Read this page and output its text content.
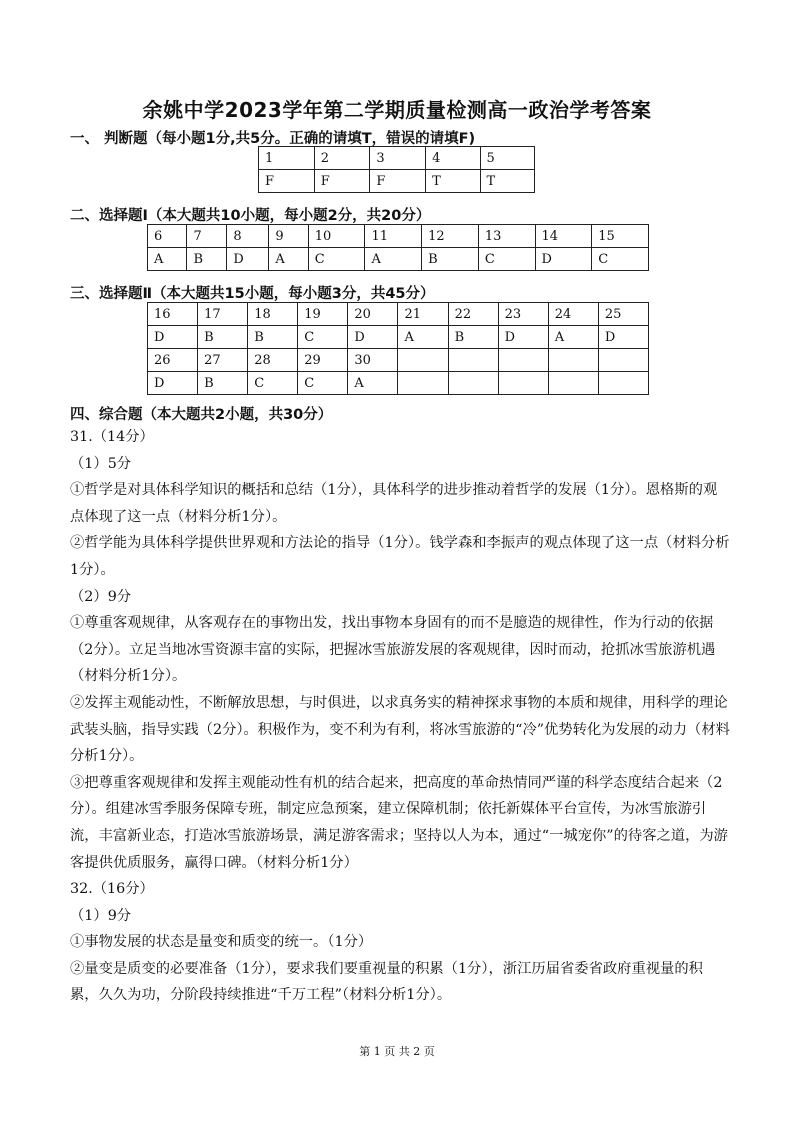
余姚中学2023学年第二学期质量检测高一政治学考答案
一、 判断题（每小题1分,共5分。正确的请填T，错误的请填F)
1	2	3	4	5
F	F	F	T	T
二、选择题Ⅰ（本大题共10小题，每小题2分，共20分）
6	7	8	9	10	11	12	13	14	15
A	B	D	A	C	A	B	C	D	C
三、选择题Ⅱ（本大题共15小题，每小题3分，共45分）
16	17	18	19	20	21	22	23	24	25
D	B	B	C	D	A	B	D	A	D
26	27	28	29	30					
D	B	C	C	A					
四、综合题（本大题共2小题，共30分）

31.（14分）

（1）5分

①哲学是对具体科学知识的概括和总结（1分），具体科学的进步推动着哲学的发展（1分）。恩格斯的观点体现了这一点（材料分析1分）。

②哲学能为具体科学提供世界观和方法论的指导（1分）。钱学森和李振声的观点体现了这一点（材料分析1分）。

（2）9分

①尊重客观规律，从客观存在的事物出发，找出事物本身固有的而不是臆造的规律性，作为行动的依据（2分）。立足当地冰雪资源丰富的实际，把握冰雪旅游发展的客观规律，因时而动，抢抓冰雪旅游机遇（材料分析1分）。

②发挥主观能动性，不断解放思想，与时俱进，以求真务实的精神探求事物的本质和规律，用科学的理论武装头脑，指导实践（2分）。积极作为，变不利为有利，将冰雪旅游的“冷”优势转化为发展的动力（材料分析1分）。

③把尊重客观规律和发挥主观能动性有机的结合起来，把高度的革命热情同严谨的科学态度结合起来（2分）。组建冰雪季服务保障专班，制定应急预案，建立保障机制；依托新媒体平台宣传，为冰雪旅游引流，丰富新业态，打造冰雪旅游场景，满足游客需求；坚持以人为本，通过“一城宠你”的待客之道，为游客提供优质服务，赢得口碑。（材料分析1分）

32.（16分）

（1）9分

①事物发展的状态是量变和质变的统一。（1分）

②量变是质变的必要准备（1分），要求我们要重视量的积累（1分），浙江历届省委省政府重视量的积累，久久为功，分阶段持续推进“千万工程”（材料分析1分）。

第 1 页 共 2 页
